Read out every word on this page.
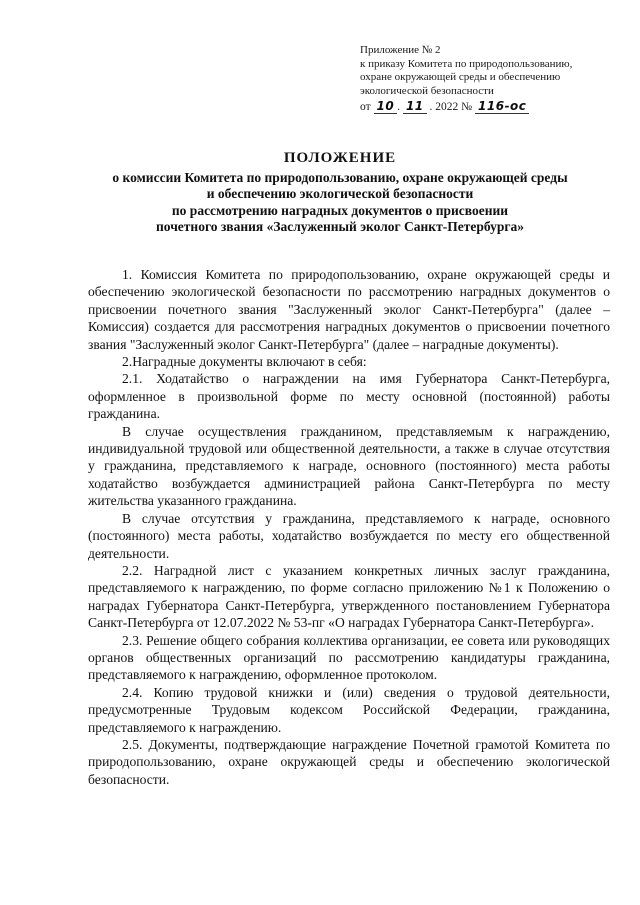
Приложение № 2
к приказу Комитета по природопользованию,
охране окружающей среды и обеспечению
экологической безопасности
от 10 . 11 . 2022 № 116-ос
ПОЛОЖЕНИЕ
о комиссии Комитета по природопользованию, охране окружающей среды
и обеспечению экологической безопасности
по рассмотрению наградных документов о присвоении
почетного звания «Заслуженный эколог Санкт-Петербурга»

1. Комиссия Комитета по природопользованию, охране окружающей среды и обеспечению экологической безопасности по рассмотрению наградных документов о присвоении почетного звания "Заслуженный эколог Санкт-Петербурга" (далее – Комиссия) создается для рассмотрения наградных документов о присвоении почетного звания "Заслуженный эколог Санкт-Петербурга" (далее – наградные документы).

2.Наградные документы включают в себя:

2.1. Ходатайство о награждении на имя Губернатора Санкт-Петербурга, оформленное в произвольной форме по месту основной (постоянной) работы гражданина.

В случае осуществления гражданином, представляемым к награждению, индивидуальной трудовой или общественной деятельности, а также в случае отсутствия у гражданина, представляемого к награде, основного (постоянного) места работы ходатайство возбуждается администрацией района Санкт-Петербурга по месту жительства указанного гражданина.

В случае отсутствия у гражданина, представляемого к награде, основного (постоянного) места работы, ходатайство возбуждается по месту его общественной деятельности.

2.2. Наградной лист с указанием конкретных личных заслуг гражданина, представляемого к награждению, по форме согласно приложению №1 к Положению о наградах Губернатора Санкт-Петербурга, утвержденного постановлением Губернатора Санкт-Петербурга от 12.07.2022 № 53-пг «О наградах Губернатора Санкт-Петербурга».

2.3. Решение общего собрания коллектива организации, ее совета или руководящих органов общественных организаций по рассмотрению кандидатуры гражданина, представляемого к награждению, оформленное протоколом.

2.4. Копию трудовой книжки и (или) сведения о трудовой деятельности, предусмотренные Трудовым кодексом Российской Федерации, гражданина, представляемого к награждению.

2.5. Документы, подтверждающие награждение Почетной грамотой Комитета по природопользованию, охране окружающей среды и обеспечению экологической безопасности.
